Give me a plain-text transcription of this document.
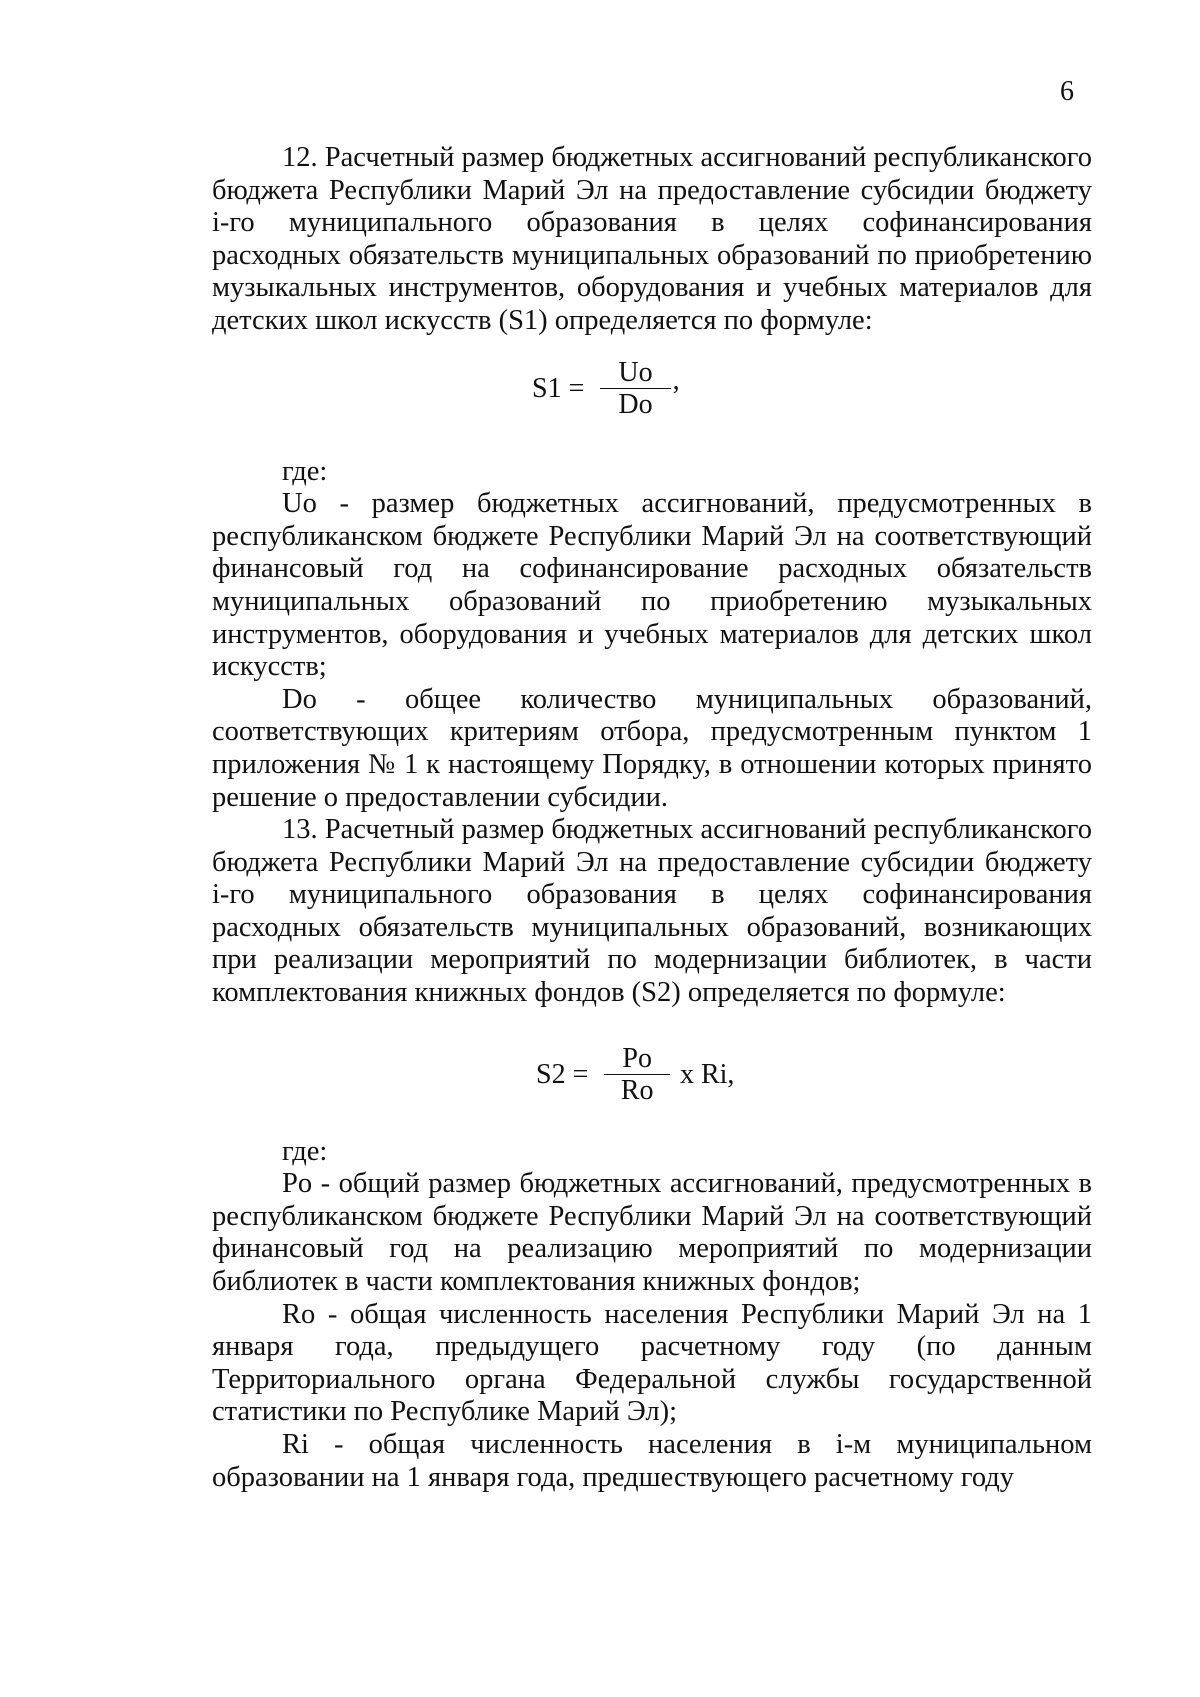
6

12. Расчетный размер бюджетных ассигнований республиканского бюджета Республики Марий Эл на предоставление субсидии бюджету i-го муниципального образования в целях софинансирования расходных обязательств муниципальных образований по приобретению музыкальных инструментов, оборудования и учебных материалов для детских школ искусств (S1) определяется по формуле:

$S1 = \frac{Uo}{Do}$ ,

где:

Uo - размер бюджетных ассигнований, предусмотренных в республиканском бюджете Республики Марий Эл на соответствующий финансовый год на софинансирование расходных обязательств муниципальных образований по приобретению музыкальных инструментов, оборудования и учебных материалов для детских школ искусств;

Do - общее количество муниципальных образований, соответствующих критериям отбора, предусмотренным пунктом 1 приложения № 1 к настоящему Порядку, в отношении которых принято решение о предоставлении субсидии.

13. Расчетный размер бюджетных ассигнований республиканского бюджета Республики Марий Эл на предоставление субсидии бюджету i-го муниципального образования в целях софинансирования расходных обязательств муниципальных образований, возникающих при реализации мероприятий по модернизации библиотек, в части комплектования книжных фондов (S2) определяется по формуле:

$S2 = \frac{Po}{Ro}$ x Ri,

где:

Po - общий размер бюджетных ассигнований, предусмотренных в республиканском бюджете Республики Марий Эл на соответствующий финансовый год на реализацию мероприятий по модернизации библиотек в части комплектования книжных фондов;

Ro - общая численность населения Республики Марий Эл на 1 января года, предыдущего расчетному году (по данным Территориального органа Федеральной службы государственной статистики по Республике Марий Эл);

Ri - общая численность населения в i-м муниципальном образовании на 1 января года, предшествующего расчетному году
